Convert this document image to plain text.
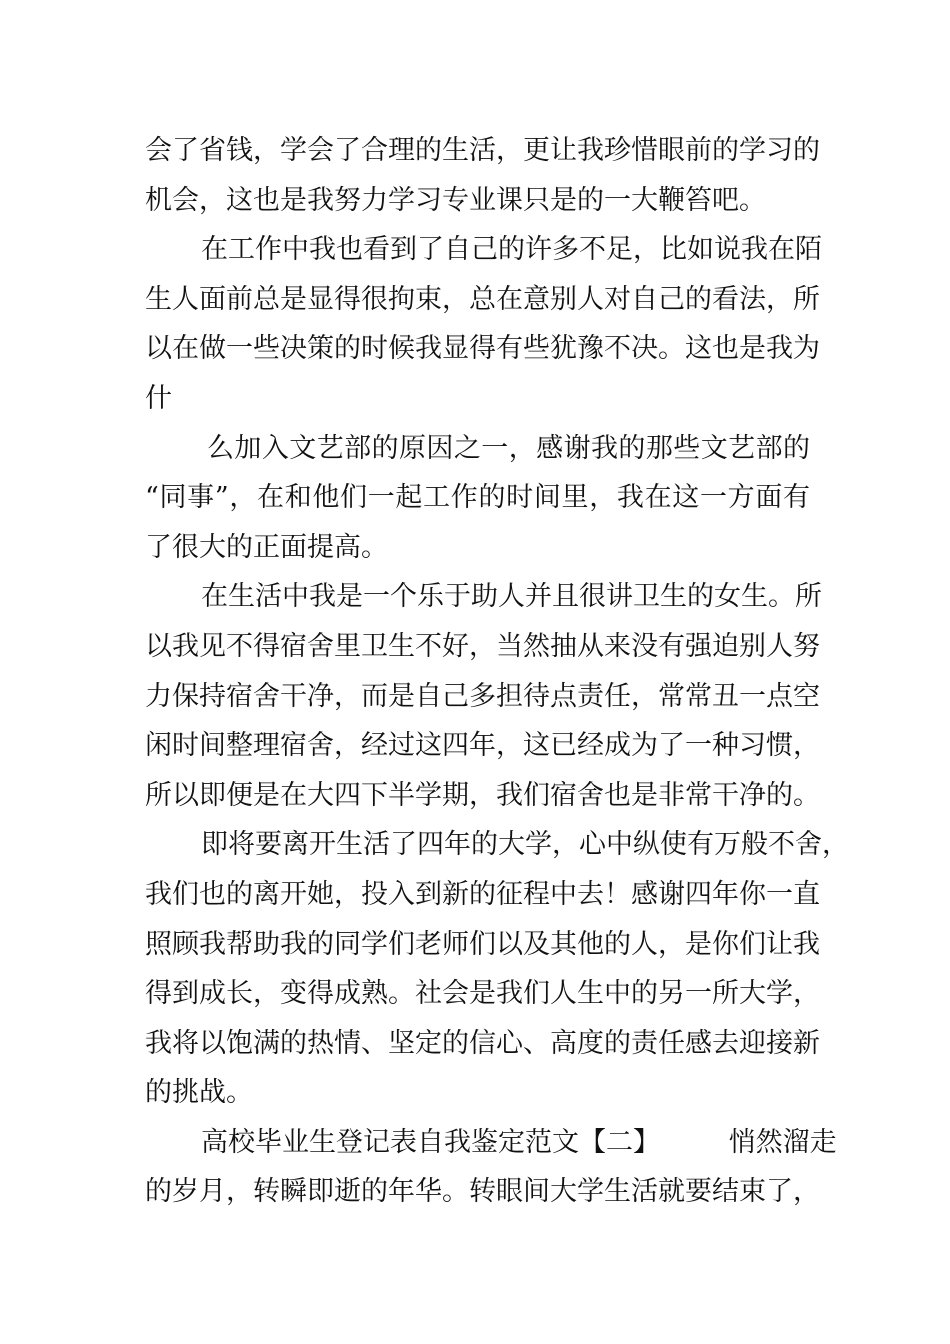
会了省钱，学会了合理的生活，更让我珍惜眼前的学习的
机会，这也是我努力学习专业课只是的一大鞭笞吧。
在工作中我也看到了自己的许多不足，比如说我在陌
生人面前总是显得很拘束，总在意别人对自己的看法，所
以在做一些决策的时候我显得有些犹豫不决。这也是我为
什
么加入文艺部的原因之一，感谢我的那些文艺部的
“同事”，在和他们一起工作的时间里，我在这一方面有
了很大的正面提高。
在生活中我是一个乐于助人并且很讲卫生的女生。所
以我见不得宿舍里卫生不好，当然抽从来没有强迫别人努
力保持宿舍干净，而是自己多担待点责任，常常丑一点空
闲时间整理宿舍，经过这四年，这已经成为了一种习惯，
所以即便是在大四下半学期，我们宿舍也是非常干净的。
即将要离开生活了四年的大学，心中纵使有万般不舍，
我们也的离开她，投入到新的征程中去！感谢四年你一直
照顾我帮助我的同学们老师们以及其他的人，是你们让我
得到成长，变得成熟。社会是我们人生中的另一所大学，
我将以饱满的热情、坚定的信心、高度的责任感去迎接新
的挑战。
高校毕业生登记表自我鉴定范文【二】        悄然溜走
的岁月，转瞬即逝的年华。转眼间大学生活就要结束了，
